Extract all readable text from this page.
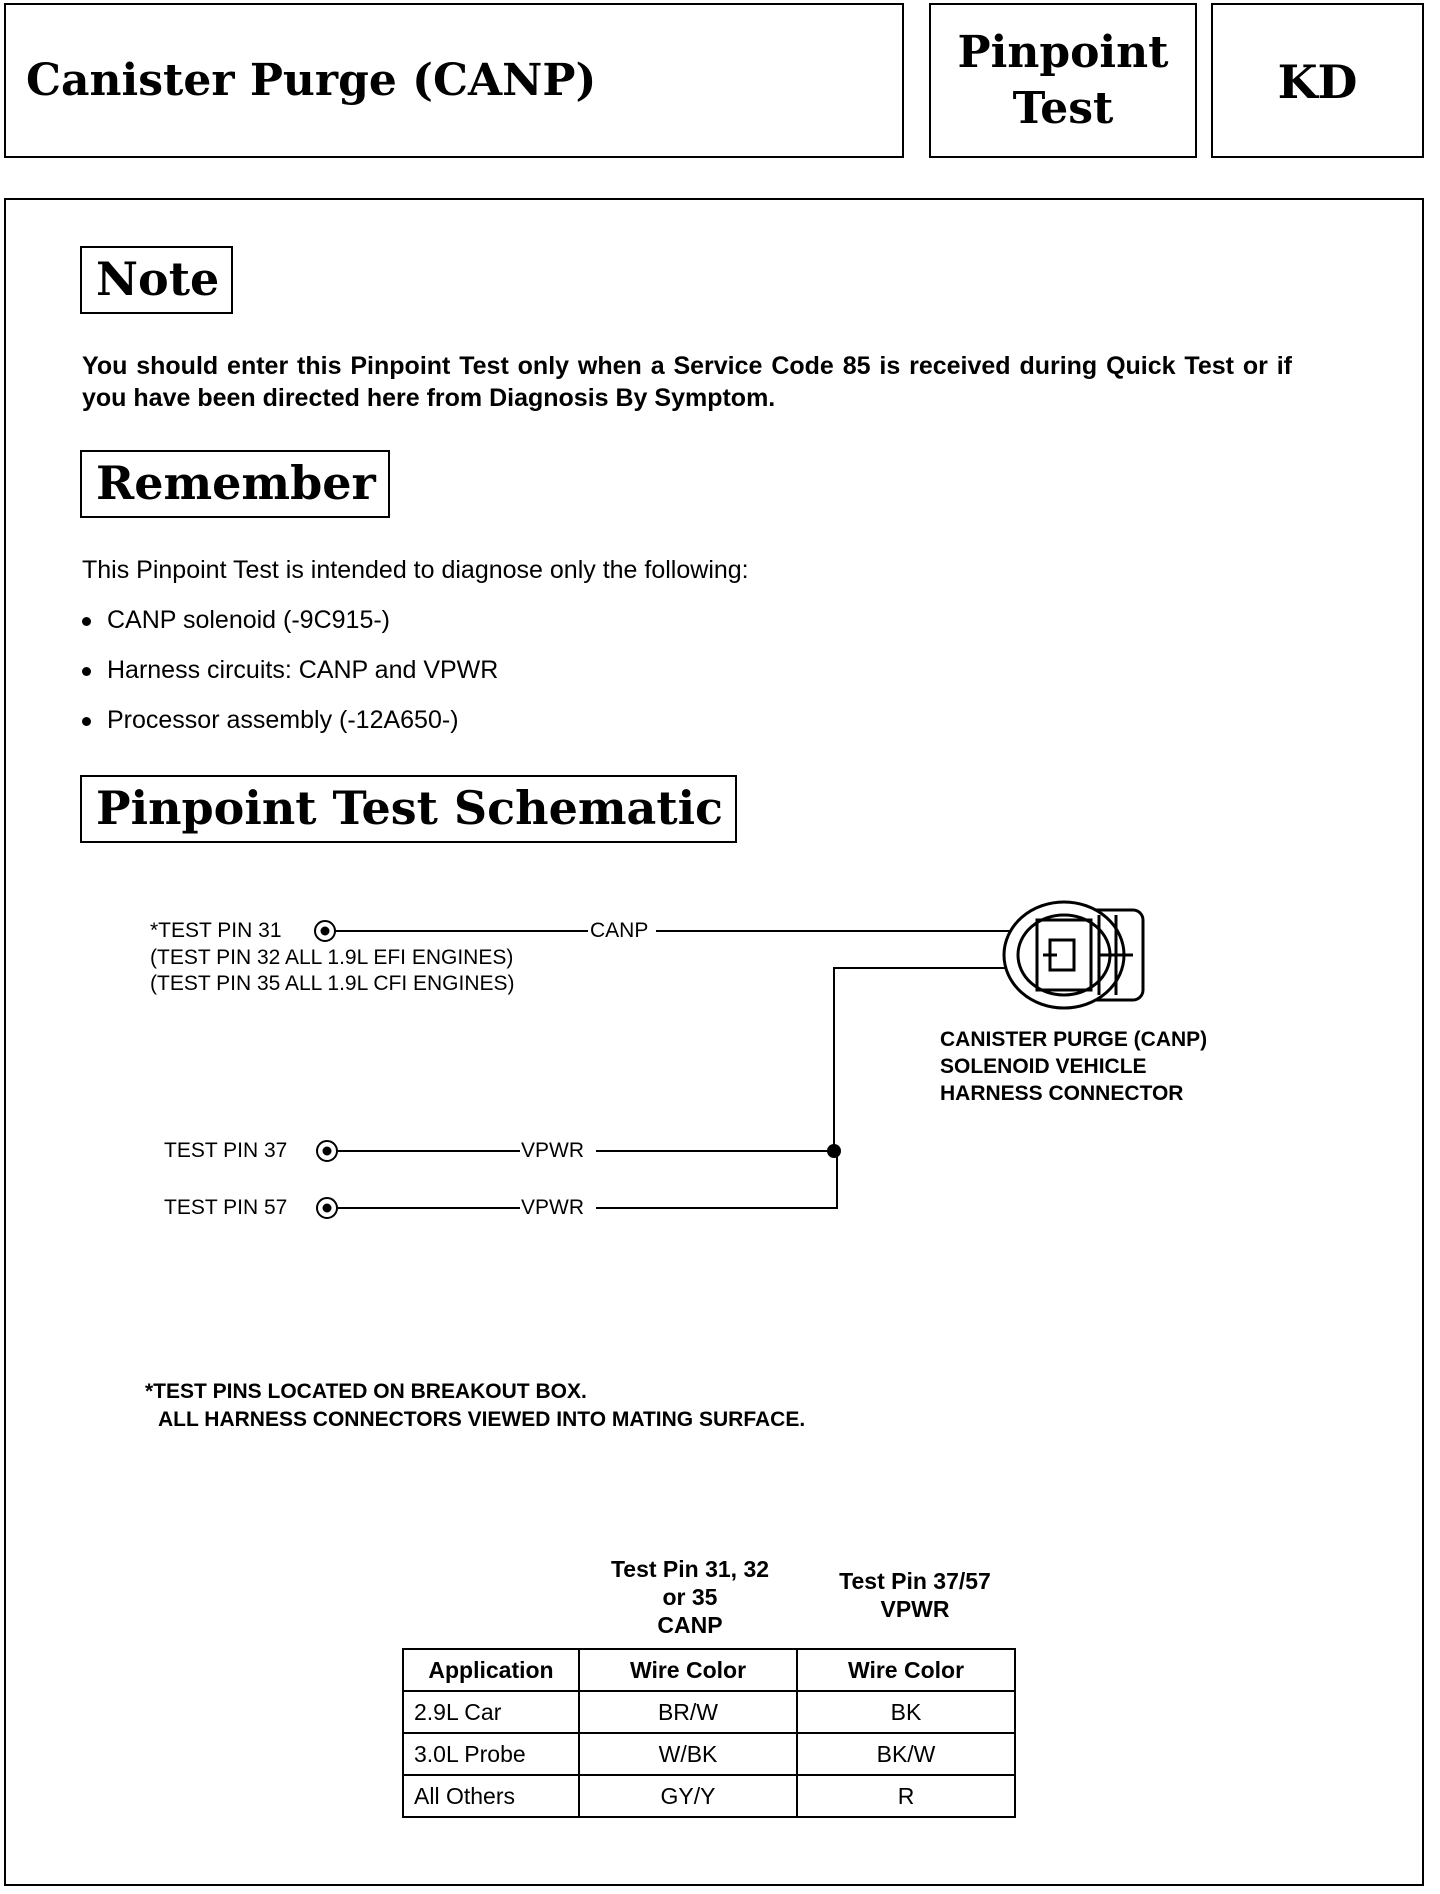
Canister Purge (CANP)
Pinpoint
Test	KD
Note
You should enter this Pinpoint Test only when a Service Code 85 is received during Quick Test or if you have been directed here from Diagnosis By Symptom.
Remember
This Pinpoint Test is intended to diagnose only the following:
CANP solenoid (-9C915-)
Harness circuits: CANP and VPWR
Processor assembly (-12A650-)
Pinpoint Test Schematic
*TEST PIN 31
(TEST PIN 32 ALL 1.9L EFI ENGINES)
(TEST PIN 35 ALL 1.9L CFI ENGINES)
CANP
TEST PIN 37
TEST PIN 57
VPWR
VPWR
CANISTER PURGE (CANP)
SOLENOID VEHICLE
HARNESS CONNECTOR
*TEST PINS LOCATED ON BREAKOUT BOX.
ALL HARNESS CONNECTORS VIEWED INTO MATING SURFACE.
Test Pin 31, 32
or 35
CANP
Test Pin 37/57
VPWR
Application	Wire Color	Wire Color
2.9L Car	BR/W	BK
3.0L Probe	W/BK	BK/W
All Others	GY/Y	R
